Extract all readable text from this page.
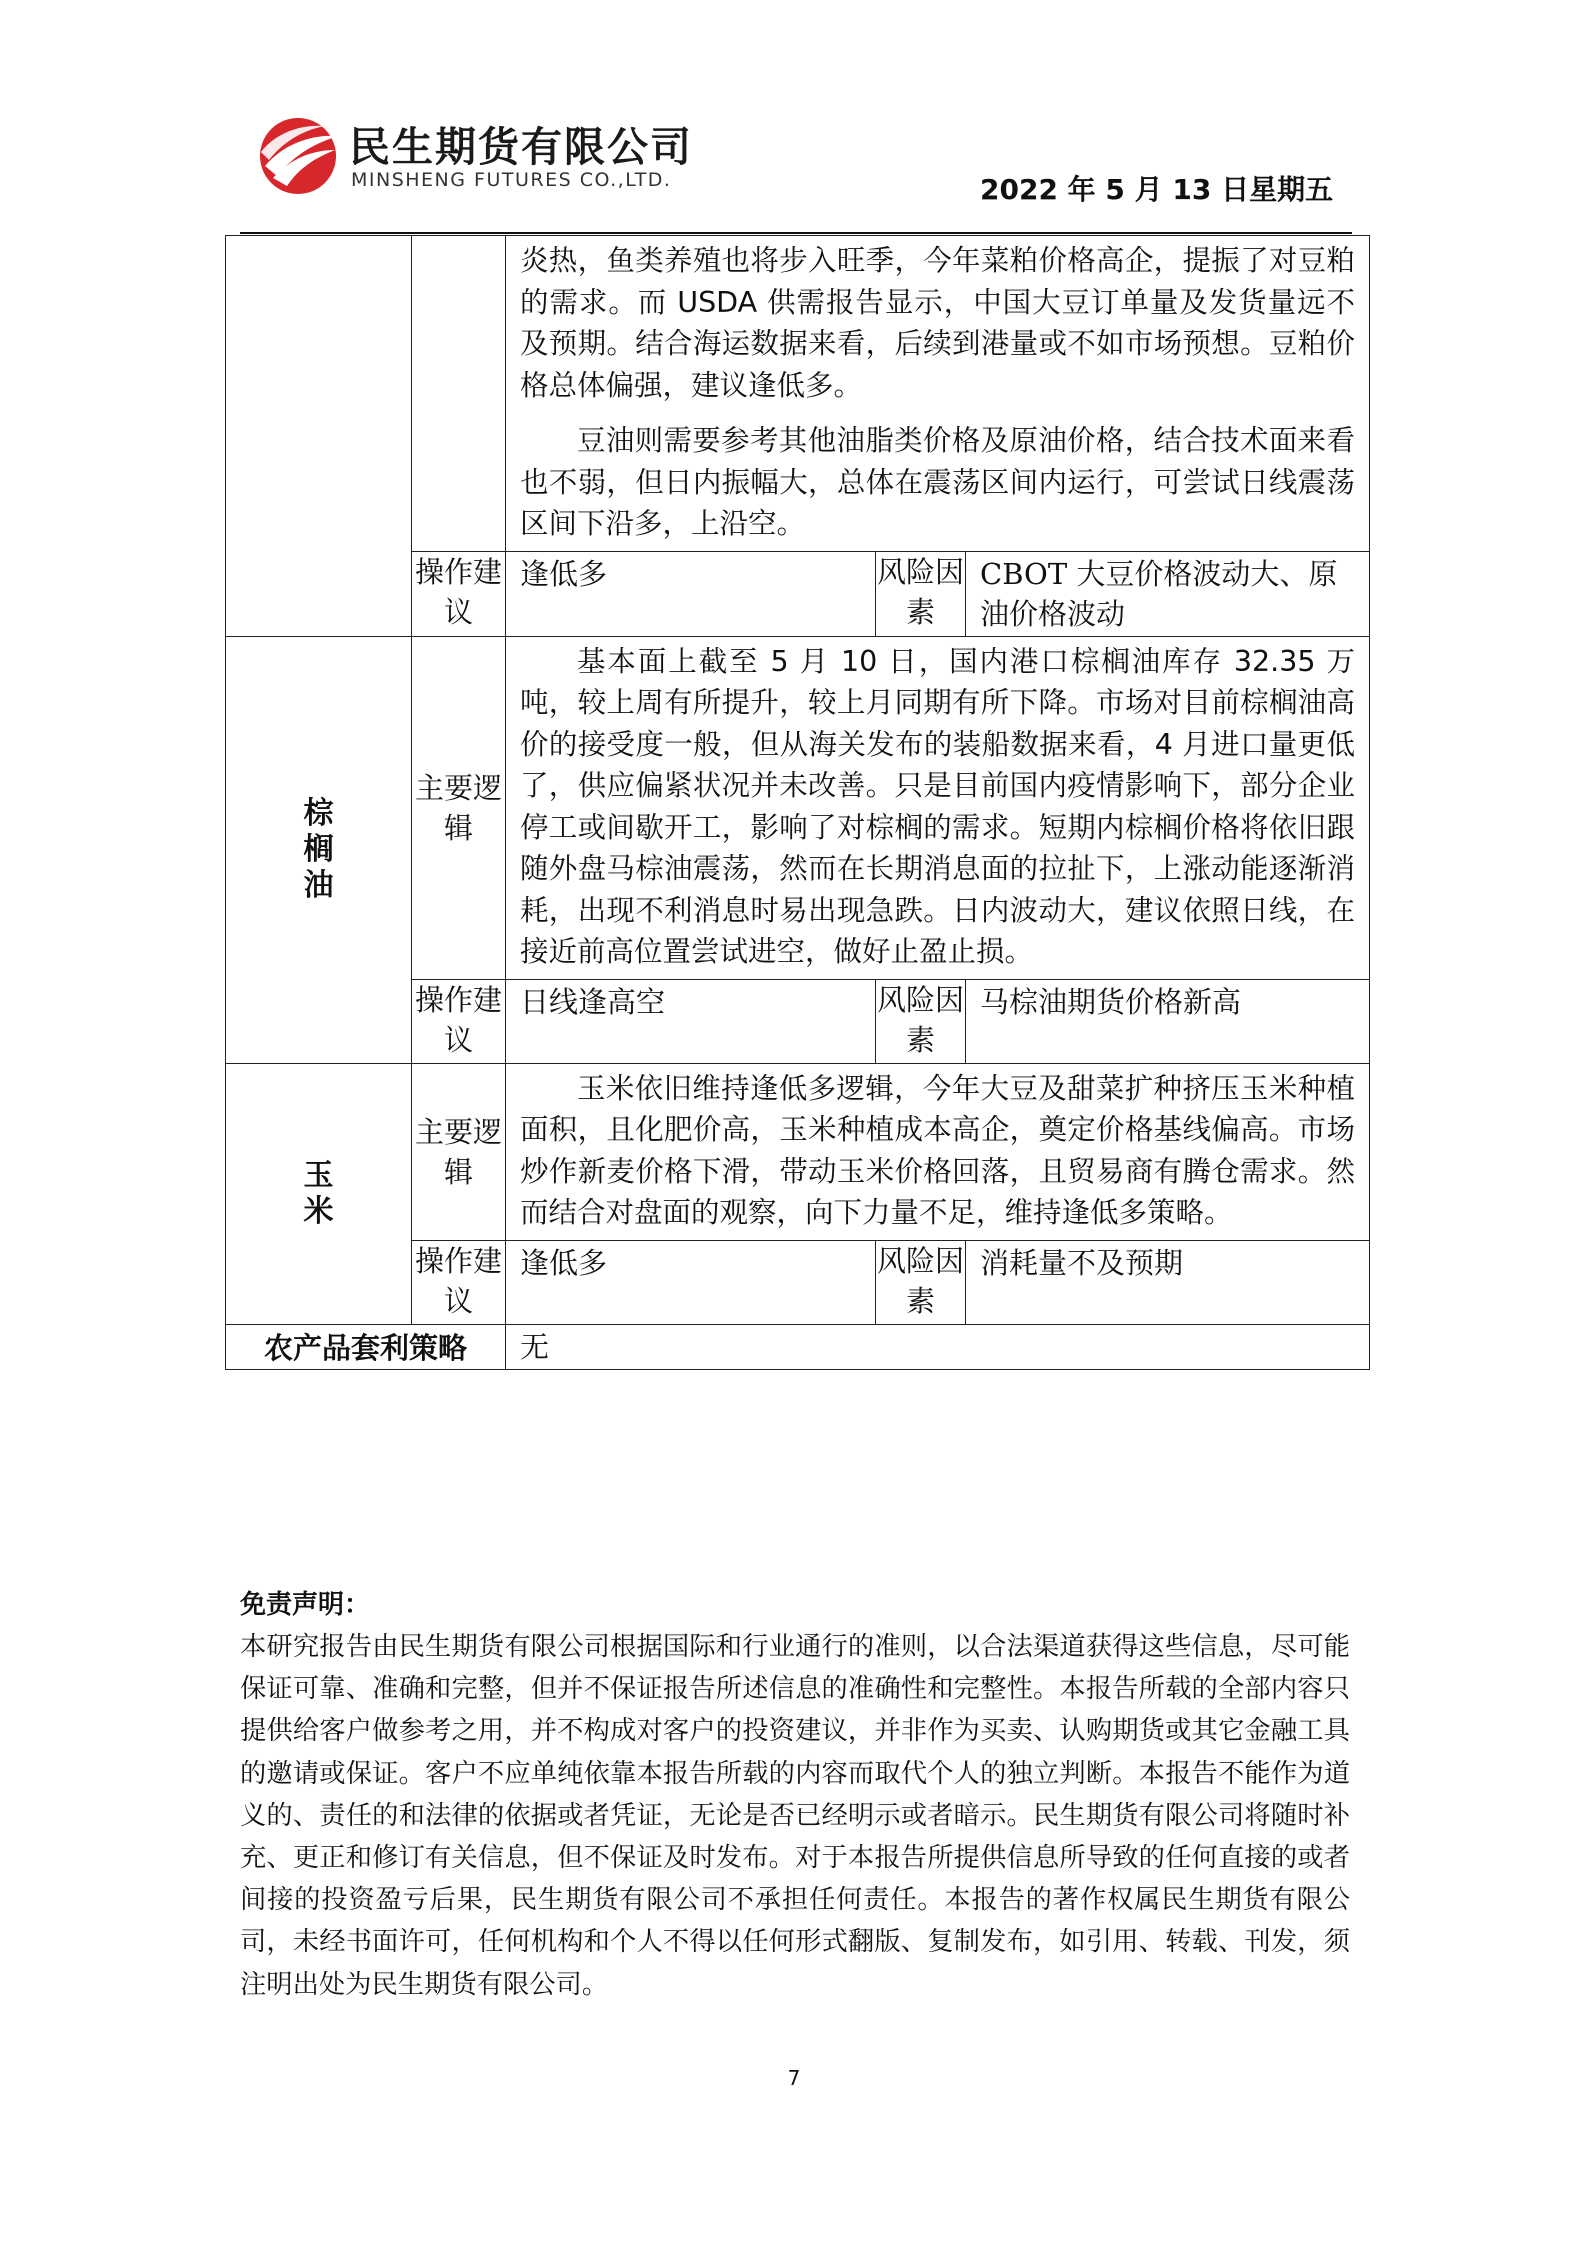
民生期货有限公司
MINSHENG FUTURES CO.,LTD.	2022 年 5 月 13 日星期五

		炎热，鱼类养殖也将步入旺季，今年菜粕价格高企，提振了对豆粕的需求。而 USDA 供需报告显示，中国大豆订单量及发货量远不及预期。结合海运数据来看，后续到港量或不如市场预想。豆粕价格总体偏强，建议逢低多。

豆油则需要参考其他油脂类价格及原油价格，结合技术面来看也不弱，但日内振幅大，总体在震荡区间内运行，可尝试日线震荡区间下沿多，上沿空。		

	操作建议	逢低多	风险因素	CBOT 大豆价格波动大、原油价格波动
棕榈油	主要逻辑	基本面上截至 5 月 10 日，国内港口棕榈油库存 32.35 万吨，较上周有所提升，较上月同期有所下降。市场对目前棕榈油高价的接受度一般，但从海关发布的装船数据来看，4 月进口量更低了，供应偏紧状况并未改善。只是目前国内疫情影响下，部分企业停工或间歇开工，影响了对棕榈的需求。短期内棕榈价格将依旧跟随外盘马棕油震荡，然而在长期消息面的拉扯下，上涨动能逐渐消耗，出现不利消息时易出现急跌。日内波动大，建议依照日线，在接近前高位置尝试进空，做好止盈止损。		

	操作建议	日线逢高空	风险因素	马棕油期货价格新高
玉米	主要逻辑	玉米依旧维持逢低多逻辑，今年大豆及甜菜扩种挤压玉米种植面积，且化肥价高，玉米种植成本高企，奠定价格基线偏高。市场炒作新麦价格下滑，带动玉米价格回落，且贸易商有腾仓需求。然而结合对盘面的观察，向下力量不足，维持逢低多策略。		

	操作建议	逢低多	风险因素	消耗量不及预期
农产品套利策略		无		
免责声明：
本研究报告由民生期货有限公司根据国际和行业通行的准则，以合法渠道获得这些信息，尽可能保证可靠、准确和完整，但并不保证报告所述信息的准确性和完整性。本报告所载的全部内容只提供给客户做参考之用，并不构成对客户的投资建议，并非作为买卖、认购期货或其它金融工具的邀请或保证。客户不应单纯依靠本报告所载的内容而取代个人的独立判断。本报告不能作为道义的、责任的和法律的依据或者凭证，无论是否已经明示或者暗示。民生期货有限公司将随时补充、更正和修订有关信息，但不保证及时发布。对于本报告所提供信息所导致的任何直接的或者间接的投资盈亏后果，民生期货有限公司不承担任何责任。本报告的著作权属民生期货有限公司，未经书面许可，任何机构和个人不得以任何形式翻版、复制发布，如引用、转载、刊发，须注明出处为民生期货有限公司。
7
